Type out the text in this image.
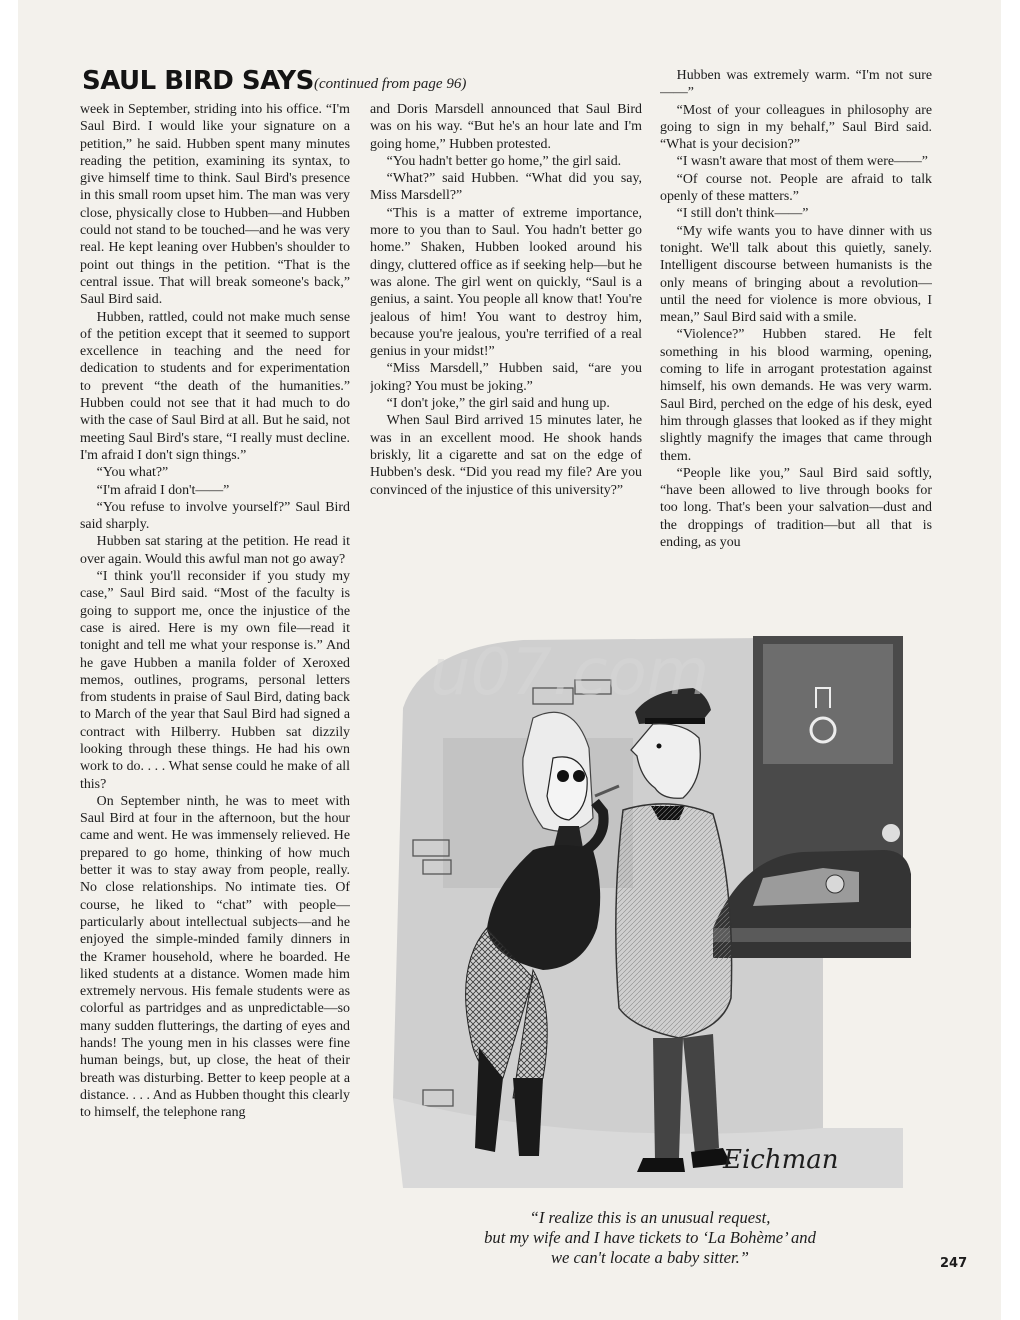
SAUL BIRD SAYS (continued from page 96)

week in September, striding into his office. “I'm Saul Bird. I would like your signature on a petition,” he said. Hubben spent many minutes reading the petition, examining its syntax, to give himself time to think. Saul Bird's presence in this small room upset him. The man was very close, physically close to Hubben—and Hubben could not stand to be touched—and he was very real. He kept leaning over Hubben's shoulder to point out things in the petition. “That is the central issue. That will break someone's back,” Saul Bird said.

Hubben, rattled, could not make much sense of the petition except that it seemed to support excellence in teaching and the need for dedication to students and for experimentation to prevent “the death of the humanities.” Hubben could not see that it had much to do with the case of Saul Bird at all. But he said, not meeting Saul Bird's stare, “I really must decline. I'm afraid I don't sign things.”

“You what?”

“I'm afraid I don't——”

“You refuse to involve yourself?” Saul Bird said sharply.

Hubben sat staring at the petition. He read it over again. Would this awful man not go away?

“I think you'll reconsider if you study my case,” Saul Bird said. “Most of the faculty is going to support me, once the injustice of the case is aired. Here is my own file—read it tonight and tell me what your response is.” And he gave Hubben a manila folder of Xeroxed memos, outlines, programs, personal letters from students in praise of Saul Bird, dating back to March of the year that Saul Bird had signed a contract with Hilberry. Hubben sat dizzily looking through these things. He had his own work to do. . . . What sense could he make of all this?

On September ninth, he was to meet with Saul Bird at four in the afternoon, but the hour came and went. He was immensely relieved. He prepared to go home, thinking of how much better it was to stay away from people, really. No close relationships. No intimate ties. Of course, he liked to “chat” with people—particularly about intellectual subjects—and he enjoyed the simple-minded family dinners in the Kramer household, where he boarded. He liked students at a distance. Women made him extremely nervous. His female students were as colorful as partridges and as unpredictable—so many sudden flutterings, the darting of eyes and hands! The young men in his classes were fine human beings, but, up close, the heat of their breath was disturbing. Better to keep people at a distance. . . . And as Hubben thought this clearly to himself, the telephone rang

and Doris Marsdell announced that Saul Bird was on his way. “But he's an hour late and I'm going home,” Hubben protested.

“You hadn't better go home,” the girl said.

“What?” said Hubben. “What did you say, Miss Marsdell?”

“This is a matter of extreme importance, more to you than to Saul. You hadn't better go home.” Shaken, Hubben looked around his dingy, cluttered office as if seeking help—but he was alone. The girl went on quickly, “Saul is a genius, a saint. You people all know that! You're jealous of him! You want to destroy him, because you're jealous, you're terrified of a real genius in your midst!”

“Miss Marsdell,” Hubben said, “are you joking? You must be joking.”

“I don't joke,” the girl said and hung up.

When Saul Bird arrived 15 minutes later, he was in an excellent mood. He shook hands briskly, lit a cigarette and sat on the edge of Hubben's desk. “Did you read my file? Are you convinced of the injustice of this university?”

Hubben was extremely warm. “I'm not sure——”

“Most of your colleagues in philosophy are going to sign in my behalf,” Saul Bird said. “What is your decision?”

“I wasn't aware that most of them were——”

“Of course not. People are afraid to talk openly of these matters.”

“I still don't think——”

“My wife wants you to have dinner with us tonight. We'll talk about this quietly, sanely. Intelligent discourse between humanists is the only means of bringing about a revolution—until the need for violence is more obvious, I mean,” Saul Bird said with a smile.

“Violence?” Hubben stared. He felt something in his blood warming, opening, coming to life in arrogant protestation against himself, his own demands. He was very warm. Saul Bird, perched on the edge of his desk, eyed him through glasses that looked as if they might slightly magnify the images that came through them.

“People like you,” Saul Bird said softly, “have been allowed to live through books for too long. That's been your salvation—dust and the droppings of tradition—but all that is ending, as you

Eichman
u07.com
“I realize this is an unusual request,
but my wife and I have tickets to ‘La Bohème’ and
we can't locate a baby sitter.”	247
